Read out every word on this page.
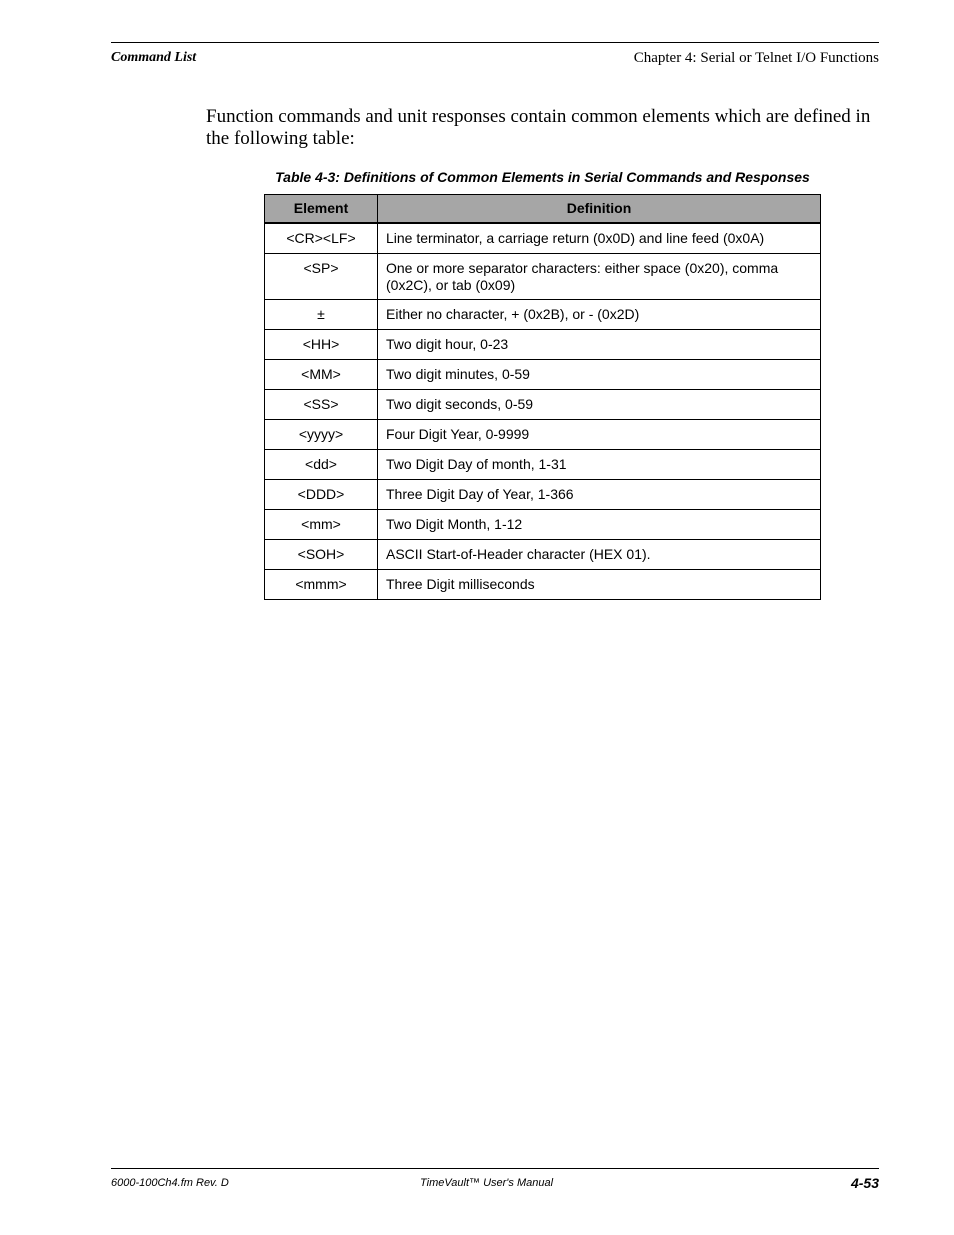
Command List	Chapter 4: Serial or Telnet I/O Functions

Function commands and unit responses contain common elements which are defined in the following table:

Table 4-3: Definitions of Common Elements in Serial Commands and Responses
Element	Definition
<CR><LF>	Line terminator, a carriage return (0x0D) and line feed (0x0A)
<SP>	One or more separator characters: either space (0x20), comma (0x2C), or tab (0x09)
±	Either no character, + (0x2B), or - (0x2D)
<HH>	Two digit hour, 0-23
<MM>	Two digit minutes, 0-59
<SS>	Two digit seconds, 0-59
<yyyy>	Four Digit Year, 0-9999
<dd>	Two Digit Day of month, 1-31
<DDD>	Three Digit Day of Year, 1-366
<mm>	Two Digit Month, 1-12
<SOH>	ASCII Start-of-Header character (HEX 01).
<mmm>	Three Digit milliseconds
6000-100Ch4.fm Rev. D	TimeVault™ User's Manual	4-53
